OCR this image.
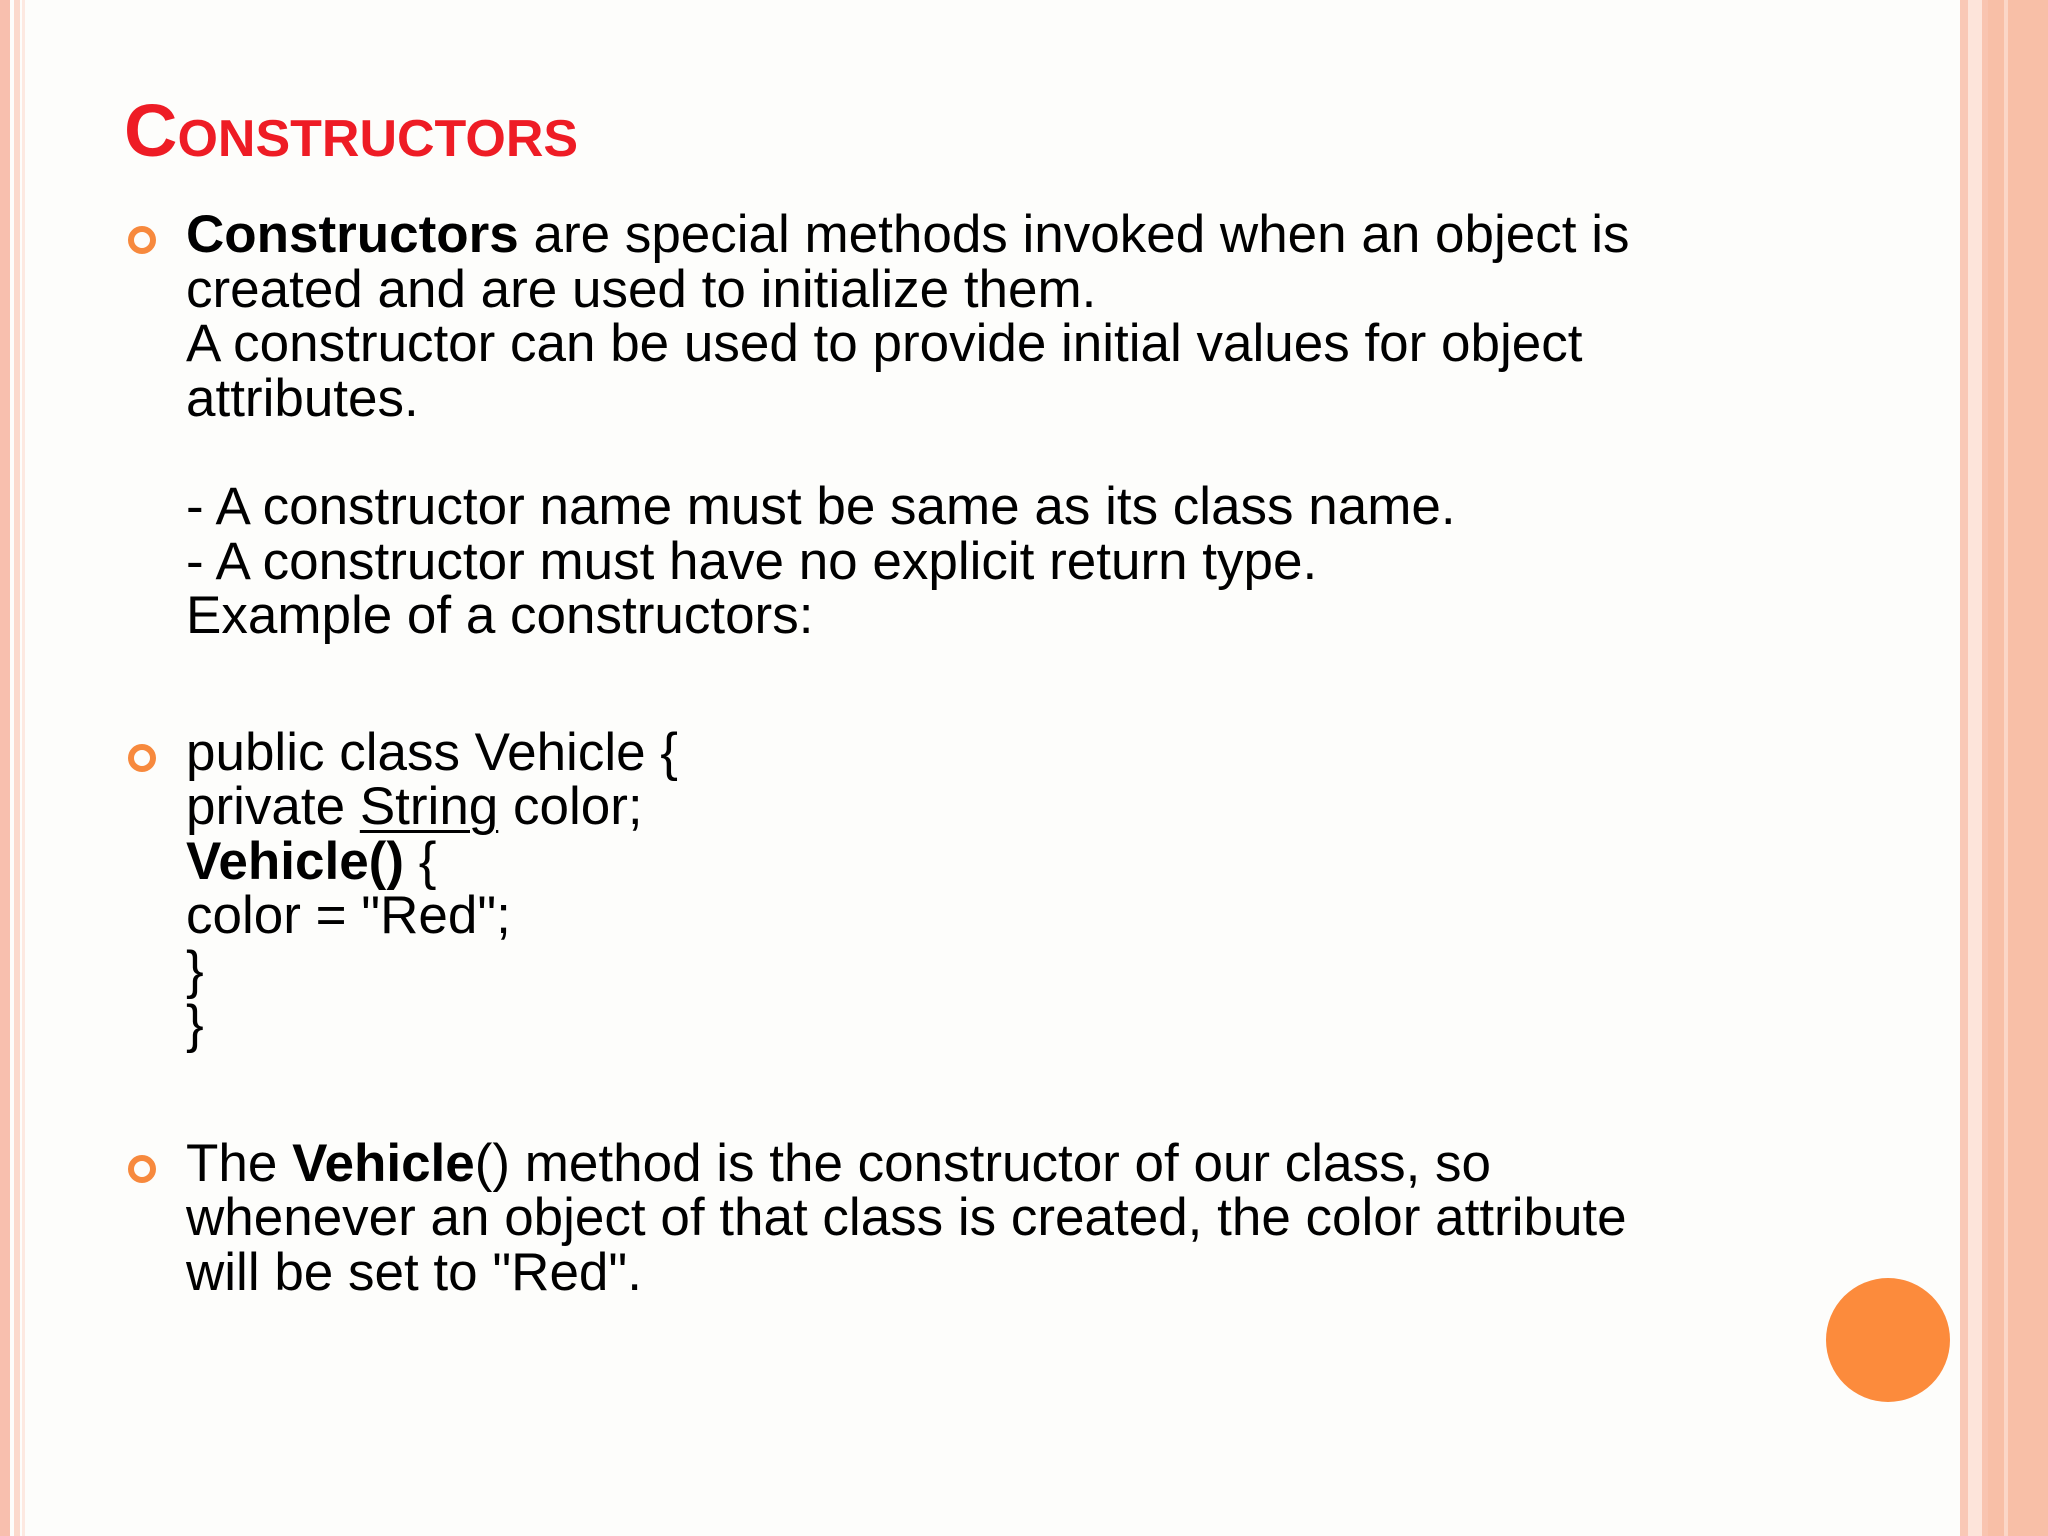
Constructors
Constructors are special methods invoked when an object is
created and are used to initialize them.
A constructor can be used to provide initial values for object
attributes.
- A constructor name must be same as its class name.
- A constructor must have no explicit return type.
Example of a constructors:
public class Vehicle {
private String color;
Vehicle() {
color = "Red";
}
}
The Vehicle() method is the constructor of our class, so
whenever an object of that class is created, the color attribute
will be set to "Red".
